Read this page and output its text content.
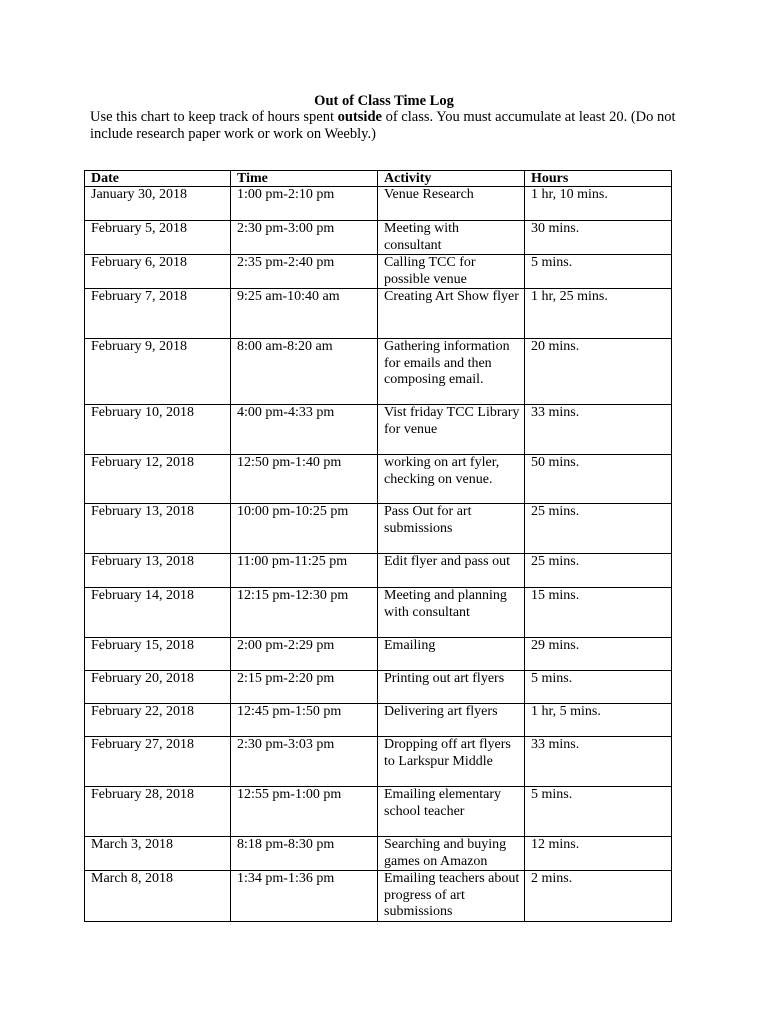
Out of Class Time Log
Use this chart to keep track of hours spent outside of class. You must accumulate at least 20. (Do not include research paper work or work on Weebly.)
Date	Time	Activity	Hours
January 30, 2018	1:00 pm-2:10 pm	Venue Research	1 hr, 10 mins.
February 5, 2018	2:30 pm-3:00 pm	Meeting with consultant	30 mins.
February 6, 2018	2:35 pm-2:40 pm	Calling TCC for possible venue	5 mins.
February 7, 2018	9:25 am-10:40 am	Creating Art Show flyer	1 hr, 25 mins.
February 9, 2018	8:00 am-8:20 am	Gathering information for emails and then composing email.	20 mins.
February 10, 2018	4:00 pm-4:33 pm	Vist friday TCC Library for venue	33 mins.
February 12, 2018	12:50 pm-1:40 pm	working on art fyler, checking on venue.	50 mins.
February 13, 2018	10:00 pm-10:25 pm	Pass Out for art submissions	25 mins.
February 13, 2018	11:00 pm-11:25 pm	Edit flyer and pass out	25 mins.
February 14, 2018	12:15 pm-12:30 pm	Meeting and planning with consultant	15 mins.
February 15, 2018	2:00 pm-2:29 pm	Emailing	29 mins.
February 20, 2018	2:15 pm-2:20 pm	Printing out art flyers	5 mins.
February 22, 2018	12:45 pm-1:50 pm	Delivering art flyers	1 hr, 5 mins.
February 27, 2018	2:30 pm-3:03 pm	Dropping off art flyers to Larkspur Middle	33 mins.
February 28, 2018	12:55 pm-1:00 pm	Emailing elementary school teacher	5 mins.
March 3, 2018	8:18 pm-8:30 pm	Searching and buying games on Amazon	12 mins.
March 8, 2018	1:34 pm-1:36 pm	Emailing teachers about progress of art submissions	2 mins.
